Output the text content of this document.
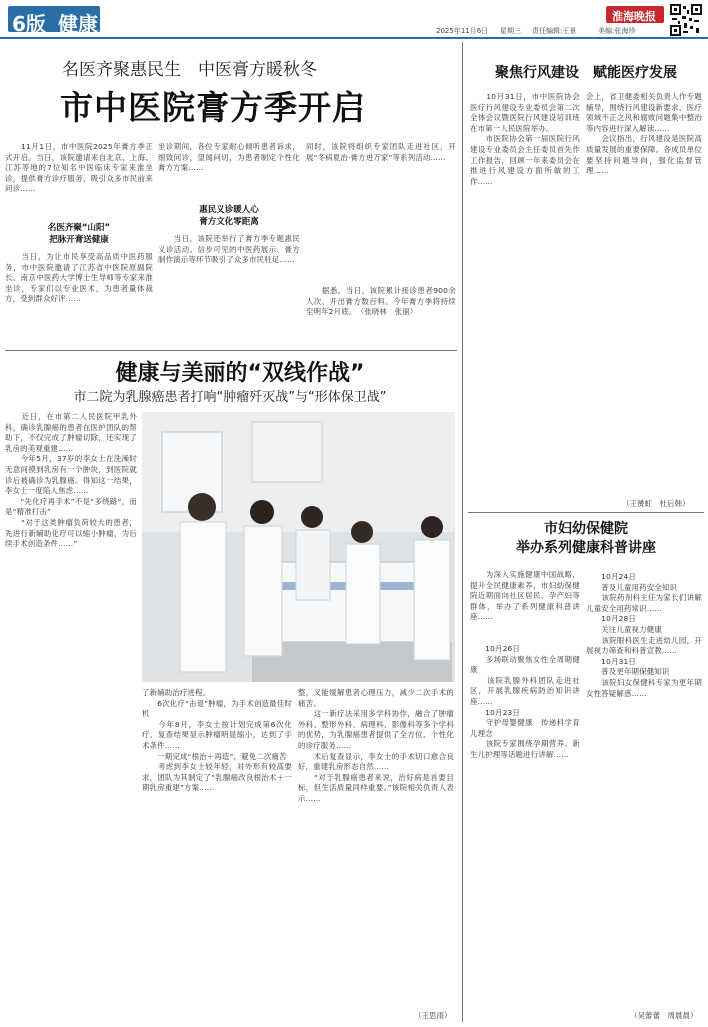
6版 健康	2025年11月6日 星期三 责任编辑:王景	美编:张海珍
淮海晚报
名医齐聚惠民生　中医膏方暖秋冬
市中医院膏方季开启
　　11月1日，市中医院2025年膏方季正式开启。当日，该院邀请来自北京、上海、江苏等地的7位知名中医临床专家来淮坐诊，提供膏方诊疗服务，吸引众多市民前来问诊……
名医齐聚“山阳”
把脉开膏送健康
　　当日，为让市民享受高品质中医药服务，市中医院邀请了江苏省中医院原副院长、南京中医药大学博士生导师等专家来淮坐诊，专家们以专业医术，为患者量体裁方，受到群众好评……
坐诊期间，各位专家耐心倾听患者诉求，细致问诊，望闻问切，为患者制定个性化膏方方案……
惠民义诊暖人心
膏方文化零距离
　　当日，该院还举行了膏方季专题惠民义诊活动。信步可见的中医药展示、膏方制作演示等环节吸引了众多市民驻足……
同时，该院将组织专家团队走进社区，开展“冬病夏治·膏方进万家”等系列活动……
　　据悉，当日，该院累计接诊患者900余人次，开出膏方数百料。今年膏方季将持续至明年2月底。　（张晓林　张丽）
聚焦行风建设　赋能医疗发展
　　10月31日，市中医院协会医疗行风建设专业委员会第二次全体会议暨医院行风建设培训班在市第一人民医院举办。
　　市医院协会第一届医院行风建设专业委员会主任委员首先作工作报告，回顾一年来委员会在推进行风建设方面所做的工作……
会上，省卫健委相关负责人作专题辅导，围绕行风建设新要求、医疗领域不正之风和腐败问题集中整治等内容进行深入解读……
　　会议指出，行风建设是医院高质量发展的重要保障。各成员单位要坚持问题导向，强化监督管理……
（王赟虹　杜后韩）
健康与美丽的“双线作战”
市二院为乳腺癌患者打响“肿瘤歼灭战”与“形体保卫战”
　　近日，在市第二人民医院甲乳外科，确诊乳腺癌的患者在医护团队的帮助下，不仅完成了肿瘤切除，还实现了乳房的美观重建……
　　今年5月，37岁的李女士在洗澡时无意间摸到乳房有一个肿块，到医院就诊后被确诊为乳腺癌。得知这一结果，李女士一度陷入焦虑……
　　“先化疗再手术”不是“多绕路”，而是“精准打击”
　　“对于这类肿瘤负荷较大的患者，先进行新辅助化疗可以缩小肿瘤，为后续手术创造条件……”
了新辅助治疗进程。
　　6次化疗“击退”肿瘤，为手术创造最佳时机
　　今年8月，李女士按计划完成第6次化疗，复查结果显示肿瘤明显缩小，达到了手术条件……
　　一期完成“根治＋再造”，避免二次痛苦
　　考虑到李女士较年轻，对外形有较高要求，团队为其制定了“乳腺癌改良根治术＋一期乳房重建”方案……
整，又能缓解患者心理压力，减少二次手术的痛苦。
　　这一新疗法采用多学科协作，融合了肿瘤外科、整形外科、病理科、影像科等多个学科的优势，为乳腺癌患者提供了全方位、个性化的诊疗服务……
　　术后复查显示，李女士的手术切口愈合良好，重建乳房形态自然……
　　“对于乳腺癌患者来说，治好病是首要目标，但生活质量同样重要。”该院相关负责人表示……
（王思雨）
市妇幼保健院
举办系列健康科普讲座
　　为深入实施健康中国战略，提升全民健康素养，市妇幼保健院近期面向社区居民、孕产妇等群体，举办了系列健康科普讲座……
　　10月26日
　　多场联动聚焦女性全周期健康
　　该院乳腺外科团队走进社区，开展乳腺疾病防治知识讲座……
　　10月23日
　　守护母婴健康　传递科学育儿理念
　　该院专家围绕孕期营养、新生儿护理等话题进行讲解……
　　10月24日
　　普及儿童用药安全知识
　　该院药剂科主任为家长们讲解儿童安全用药常识……
　　10月28日
　　关注儿童视力健康
　　该院眼科医生走进幼儿园，开展视力筛查和科普宣教……
　　10月31日
　　普及更年期保健知识
　　该院妇女保健科专家为更年期女性答疑解惑……
（吴蕾蕾　周晨晨）
